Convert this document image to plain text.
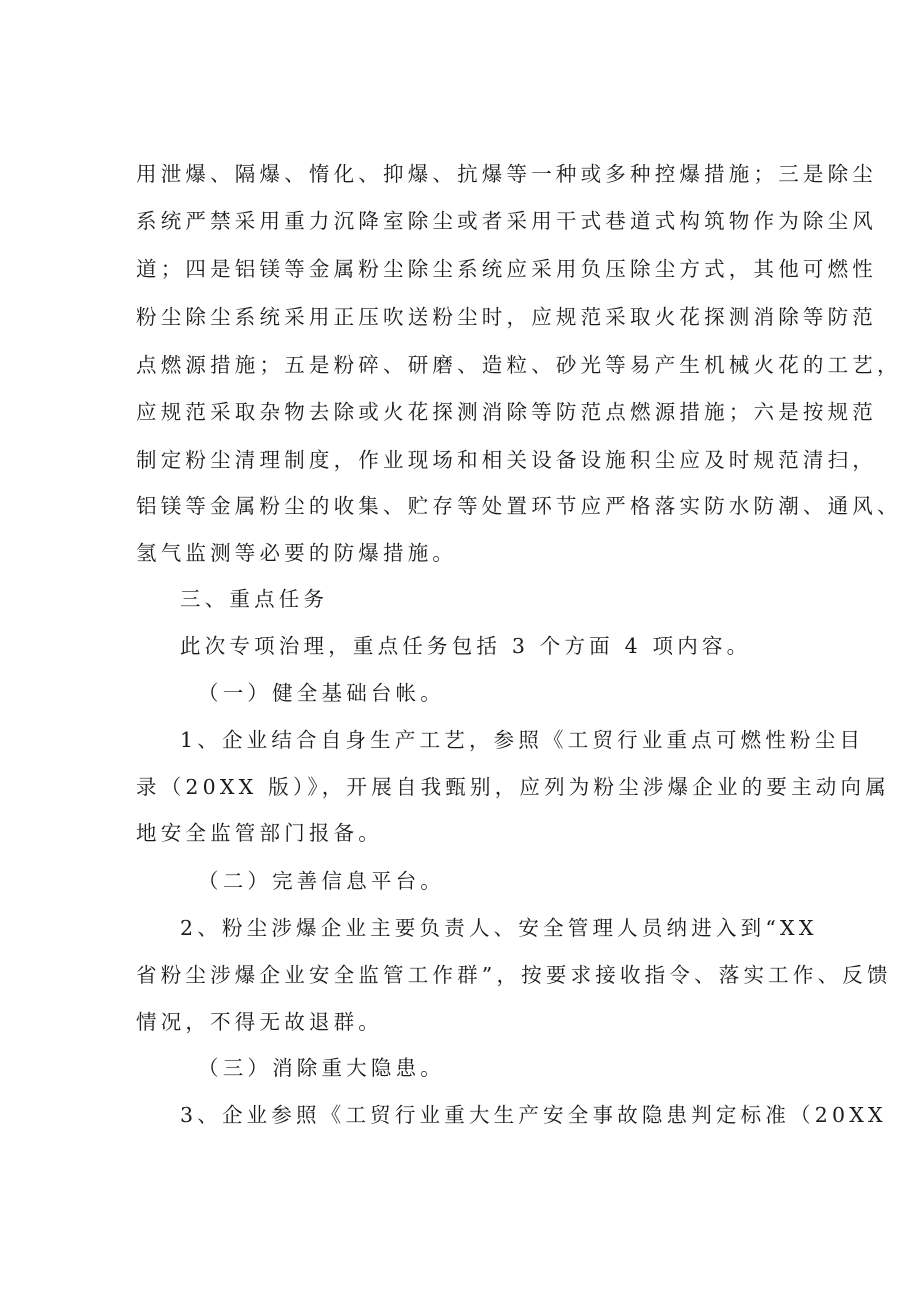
用泄爆、隔爆、惰化、抑爆、抗爆等一种或多种控爆措施；三是除尘
系统严禁采用重力沉降室除尘或者采用干式巷道式构筑物作为除尘风
道；四是铝镁等金属粉尘除尘系统应采用负压除尘方式，其他可燃性
粉尘除尘系统采用正压吹送粉尘时，应规范采取火花探测消除等防范
点燃源措施；五是粉碎、研磨、造粒、砂光等易产生机械火花的工艺，
应规范采取杂物去除或火花探测消除等防范点燃源措施；六是按规范
制定粉尘清理制度，作业现场和相关设备设施积尘应及时规范清扫，
铝镁等金属粉尘的收集、贮存等处置环节应严格落实防水防潮、通风、
氢气监测等必要的防爆措施。
三、重点任务
此次专项治理，重点任务包括 3 个方面 4 项内容。
（一）健全基础台帐。
1、企业结合自身生产工艺，参照《工贸行业重点可燃性粉尘目
录（20XX 版）》，开展自我甄别，应列为粉尘涉爆企业的要主动向属
地安全监管部门报备。
（二）完善信息平台。
2、粉尘涉爆企业主要负责人、安全管理人员纳进入到“XX
省粉尘涉爆企业安全监管工作群”，按要求接收指令、落实工作、反馈
情况，不得无故退群。
（三）消除重大隐患。
3、企业参照《工贸行业重大生产安全事故隐患判定标准（20XX
